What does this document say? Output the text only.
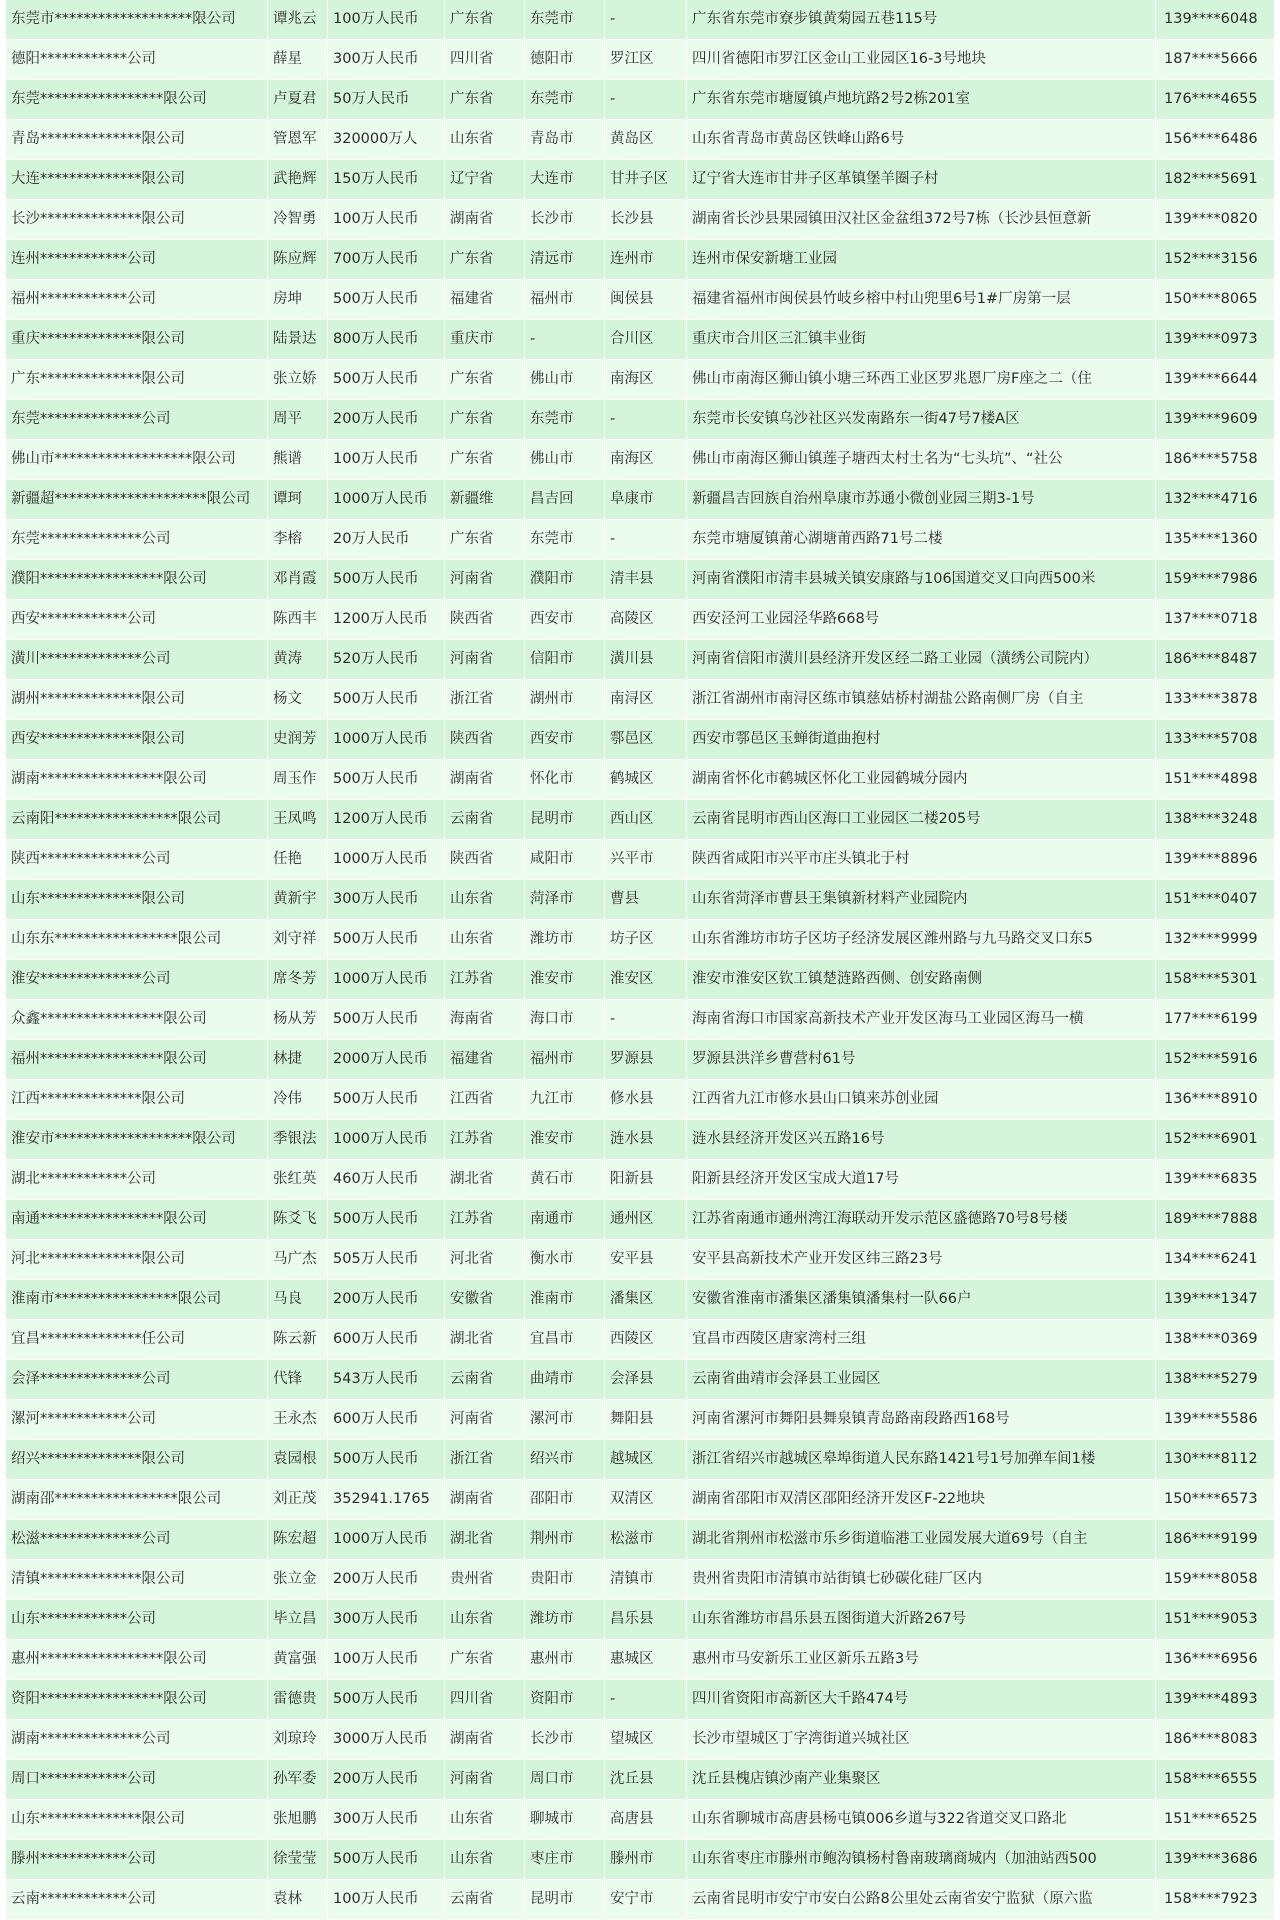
东莞市*******************限公司	谭兆云	100万人民币	广东省	东莞市	-	广东省东莞市寮步镇黄菊园五巷115号	139****6048
德阳************公司	薛星	300万人民币	四川省	德阳市	罗江区	四川省德阳市罗江区金山工业园区16-3号地块	187****5666
东莞*****************限公司	卢夏君	50万人民币	广东省	东莞市	-	广东省东莞市塘厦镇卢地坑路2号2栋201室	176****4655
青岛**************限公司	管恩军	320000万人	山东省	青岛市	黄岛区	山东省青岛市黄岛区铁峰山路6号	156****6486
大连**************限公司	武艳辉	150万人民币	辽宁省	大连市	甘井子区	辽宁省大连市甘井子区革镇堡羊圈子村	182****5691
长沙**************限公司	冷智勇	100万人民币	湖南省	长沙市	长沙县	湖南省长沙县果园镇田汉社区金盆组372号7栋（长沙县恒意新	139****0820
连州************公司	陈应辉	700万人民币	广东省	清远市	连州市	连州市保安新塘工业园	152****3156
福州************公司	房坤	500万人民币	福建省	福州市	闽侯县	福建省福州市闽侯县竹岐乡榕中村山兜里6号1#厂房第一层	150****8065
重庆**************限公司	陆景达	800万人民币	重庆市	-	合川区	重庆市合川区三汇镇丰业街	139****0973
广东**************限公司	张立娇	500万人民币	广东省	佛山市	南海区	佛山市南海区狮山镇小塘三环西工业区罗兆恩厂房F座之二（住	139****6644
东莞**************公司	周平	200万人民币	广东省	东莞市	-	东莞市长安镇乌沙社区兴发南路东一街47号7楼A区	139****9609
佛山市*******************限公司	熊谱	100万人民币	广东省	佛山市	南海区	佛山市南海区狮山镇莲子塘西太村土名为“七头坑”、“社公	186****5758
新疆超*********************限公司	谭珂	1000万人民币	新疆维	昌吉回	阜康市	新疆昌吉回族自治州阜康市苏通小微创业园三期3-1号	132****4716
东莞**************公司	李榕	20万人民币	广东省	东莞市	-	东莞市塘厦镇莆心湖塘莆西路71号二楼	135****1360
濮阳*****************限公司	邓肖霞	500万人民币	河南省	濮阳市	清丰县	河南省濮阳市清丰县城关镇安康路与106国道交叉口向西500米	159****7986
西安************公司	陈西丰	1200万人民币	陕西省	西安市	高陵区	西安泾河工业园泾华路668号	137****0718
潢川**************公司	黄涛	520万人民币	河南省	信阳市	潢川县	河南省信阳市潢川县经济开发区经二路工业园（潢绣公司院内）	186****8487
湖州**************限公司	杨文	500万人民币	浙江省	湖州市	南浔区	浙江省湖州市南浔区练市镇慈姑桥村湖盐公路南侧厂房（自主	133****3878
西安**************限公司	史润芳	1000万人民币	陕西省	西安市	鄠邑区	西安市鄠邑区玉蝉街道曲抱村	133****5708
湖南*****************限公司	周玉作	500万人民币	湖南省	怀化市	鹤城区	湖南省怀化市鹤城区怀化工业园鹤城分园内	151****4898
云南阳*****************限公司	王凤鸣	1200万人民币	云南省	昆明市	西山区	云南省昆明市西山区海口工业园区二楼205号	138****3248
陕西**************公司	任艳	1000万人民币	陕西省	咸阳市	兴平市	陕西省咸阳市兴平市庄头镇北于村	139****8896
山东**************限公司	黄新宇	300万人民币	山东省	菏泽市	曹县	山东省菏泽市曹县王集镇新材料产业园院内	151****0407
山东东*****************限公司	刘守祥	500万人民币	山东省	潍坊市	坊子区	山东省潍坊市坊子区坊子经济发展区潍州路与九马路交叉口东5	132****9999
淮安**************公司	席冬芳	1000万人民币	江苏省	淮安市	淮安区	淮安市淮安区钦工镇楚涟路西侧、创安路南侧	158****5301
众鑫*****************限公司	杨从芳	500万人民币	海南省	海口市	-	海南省海口市国家高新技术产业开发区海马工业园区海马一横	177****6199
福州*****************限公司	林捷	2000万人民币	福建省	福州市	罗源县	罗源县洪洋乡曹营村61号	152****5916
江西**************限公司	冷伟	500万人民币	江西省	九江市	修水县	江西省九江市修水县山口镇来苏创业园	136****8910
淮安市*******************限公司	季银法	1000万人民币	江苏省	淮安市	涟水县	涟水县经济开发区兴五路16号	152****6901
湖北************公司	张红英	460万人民币	湖北省	黄石市	阳新县	阳新县经济开发区宝成大道17号	139****6835
南通*****************限公司	陈爻飞	500万人民币	江苏省	南通市	通州区	江苏省南通市通州湾江海联动开发示范区盛德路70号8号楼	189****7888
河北**************限公司	马广杰	505万人民币	河北省	衡水市	安平县	安平县高新技术产业开发区纬三路23号	134****6241
淮南市*****************限公司	马良	200万人民币	安徽省	淮南市	潘集区	安徽省淮南市潘集区潘集镇潘集村一队66户	139****1347
宜昌**************任公司	陈云新	600万人民币	湖北省	宜昌市	西陵区	宜昌市西陵区唐家湾村三组	138****0369
会泽**************公司	代锋	543万人民币	云南省	曲靖市	会泽县	云南省曲靖市会泽县工业园区	138****5279
漯河************公司	王永杰	600万人民币	河南省	漯河市	舞阳县	河南省漯河市舞阳县舞泉镇青岛路南段路西168号	139****5586
绍兴**************限公司	袁园根	500万人民币	浙江省	绍兴市	越城区	浙江省绍兴市越城区皋埠街道人民东路1421号1号加弹车间1楼	130****8112
湖南邵*****************限公司	刘正茂	352941.1765	湖南省	邵阳市	双清区	湖南省邵阳市双清区邵阳经济开发区F-22地块	150****6573
松滋**************公司	陈宏超	1000万人民币	湖北省	荆州市	松滋市	湖北省荆州市松滋市乐乡街道临港工业园发展大道69号（自主	186****9199
清镇**************限公司	张立金	200万人民币	贵州省	贵阳市	清镇市	贵州省贵阳市清镇市站街镇七砂碳化硅厂区内	159****8058
山东************公司	毕立昌	300万人民币	山东省	潍坊市	昌乐县	山东省潍坊市昌乐县五图街道大沂路267号	151****9053
惠州*****************限公司	黄富强	100万人民币	广东省	惠州市	惠城区	惠州市马安新乐工业区新乐五路3号	136****6956
资阳*****************限公司	雷德贵	500万人民币	四川省	资阳市	-	四川省资阳市高新区大千路474号	139****4893
湖南**************公司	刘琼玲	3000万人民币	湖南省	长沙市	望城区	长沙市望城区丁字湾街道兴城社区	186****8083
周口************公司	孙军委	200万人民币	河南省	周口市	沈丘县	沈丘县槐店镇沙南产业集聚区	158****6555
山东**************限公司	张旭鹏	300万人民币	山东省	聊城市	高唐县	山东省聊城市高唐县杨屯镇006乡道与322省道交叉口路北	151****6525
滕州************公司	徐莹莹	500万人民币	山东省	枣庄市	滕州市	山东省枣庄市滕州市鲍沟镇杨村鲁南玻璃商城内（加油站西500	139****3686
云南************公司	袁林	100万人民币	云南省	昆明市	安宁市	云南省昆明市安宁市安白公路8公里处云南省安宁监狱（原六监	158****7923
